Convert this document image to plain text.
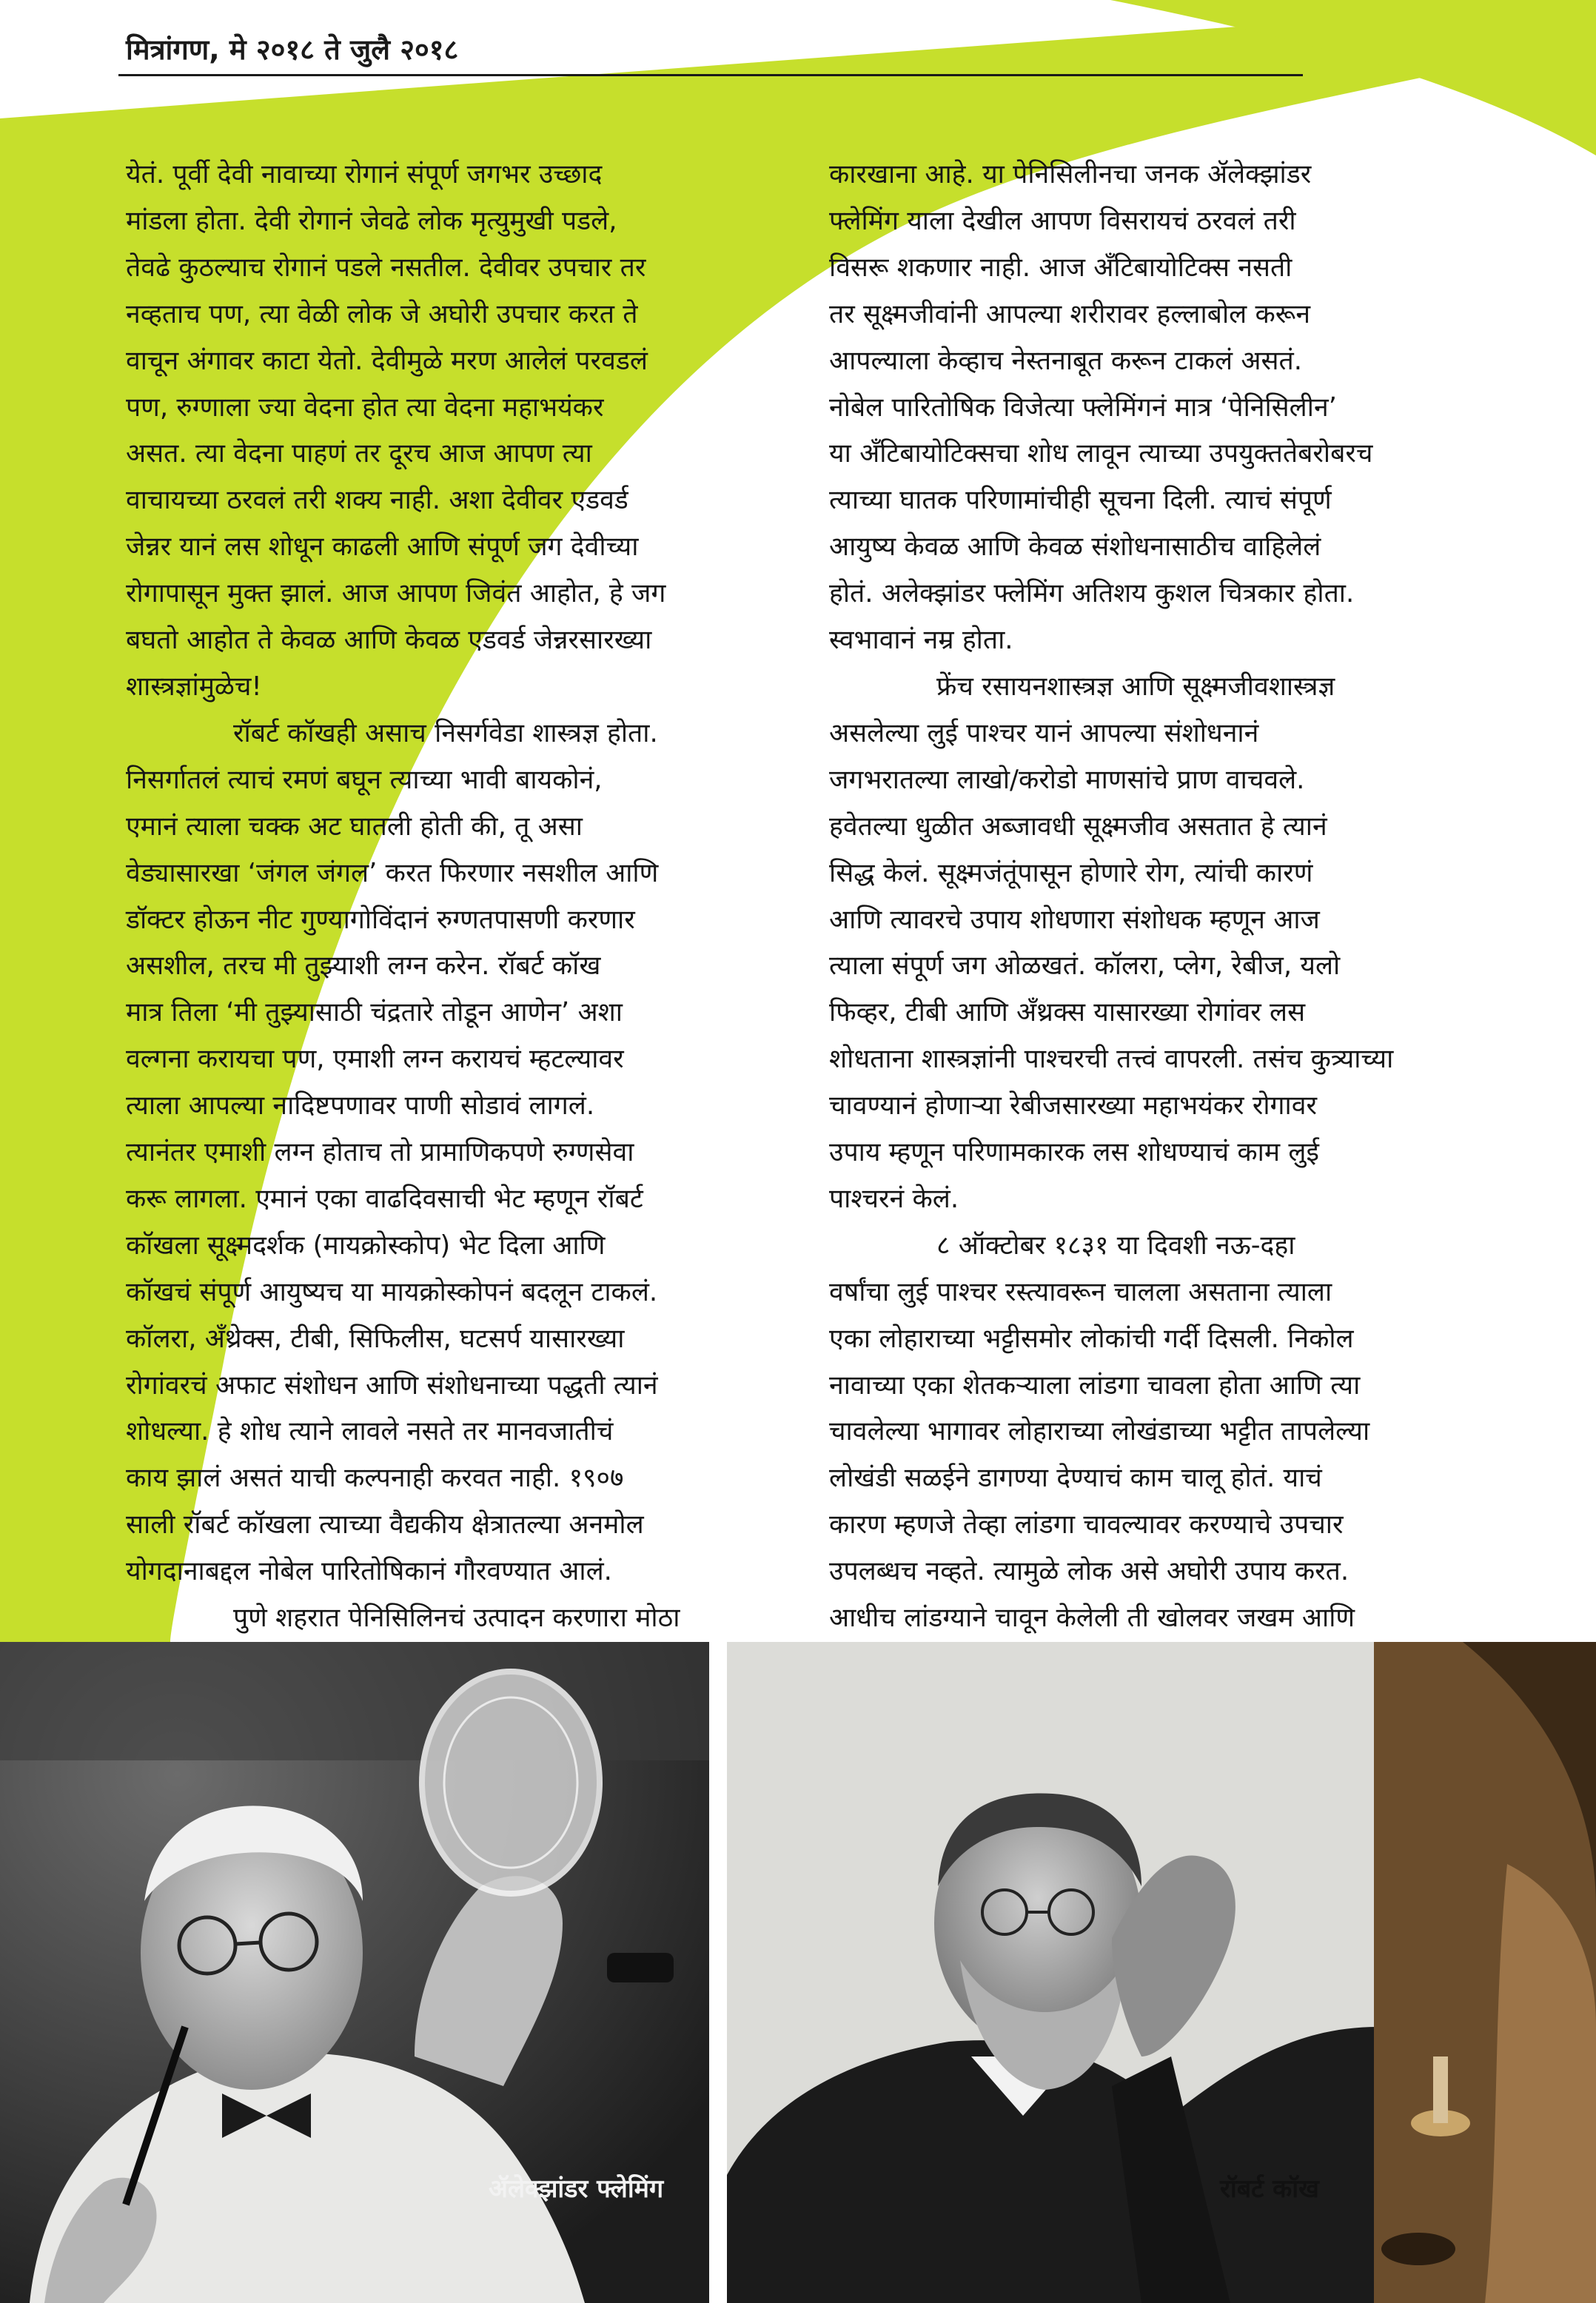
मित्रांगण, मे २०१८ ते जुलै २०१८

येतं. पूर्वी देवी नावाच्या रोगानं संपूर्ण जगभर उच्छाद

मांडला होता. देवी रोगानं जेवढे लोक मृत्युमुखी पडले,

तेवढे कुठल्याच रोगानं पडले नसतील. देवीवर उपचार तर

नव्हताच पण, त्या वेळी लोक जे अघोरी उपचार करत ते

वाचून अंगावर काटा येतो. देवीमुळे मरण आलेलं परवडलं

पण, रुग्णाला ज्या वेदना होत त्या वेदना महाभयंकर

असत. त्या वेदना पाहणं तर दूरच आज आपण त्या

वाचायच्या ठरवलं तरी शक्य नाही. अशा देवीवर एडवर्ड

जेन्नर यानं लस शोधून काढली आणि संपूर्ण जग देवीच्या

रोगापासून मुक्त झालं. आज आपण जिवंत आहोत, हे जग

बघतो आहोत ते केवळ आणि केवळ एडवर्ड जेन्नरसारख्या

शास्त्रज्ञांमुळेच!

रॉबर्ट कॉखही असाच निसर्गवेडा शास्त्रज्ञ होता.

निसर्गातलं त्याचं रमणं बघून त्याच्या भावी बायकोनं,

एमानं त्याला चक्क अट घातली होती की, तू असा

वेड्यासारखा ‘जंगल जंगल’ करत फिरणार नसशील आणि

डॉक्टर होऊन नीट गुण्यागोविंदानं रुग्णतपासणी करणार

असशील, तरच मी तुझ्याशी लग्न करेन. रॉबर्ट कॉख

मात्र तिला ‘मी तुझ्यासाठी चंद्रतारे तोडून आणेन’ अशा

वल्गना करायचा पण, एमाशी लग्न करायचं म्हटल्यावर

त्याला आपल्या नादिष्टपणावर पाणी सोडावं लागलं.

त्यानंतर एमाशी लग्न होताच तो प्रामाणिकपणे रुग्णसेवा

करू लागला. एमानं एका वाढदिवसाची भेट म्हणून रॉबर्ट

कॉखला सूक्ष्मदर्शक (मायक्रोस्कोप) भेट दिला आणि

कॉखचं संपूर्ण आयुष्यच या मायक्रोस्कोपनं बदलून टाकलं.

कॉलरा, अँथ्रेक्स, टीबी, सिफिलीस, घटसर्प यासारख्या

रोगांवरचं अफाट संशोधन आणि संशोधनाच्या पद्धती त्यानं

शोधल्या. हे शोध त्याने लावले नसते तर मानवजातीचं

काय झालं असतं याची कल्पनाही करवत नाही. १९०७

साली रॉबर्ट कॉखला त्याच्या वैद्यकीय क्षेत्रातल्या अनमोल

योगदानाबद्दल नोबेल पारितोषिकानं गौरवण्यात आलं.

पुणे शहरात पेनिसिलिनचं उत्पादन करणारा मोठा

कारखाना आहे. या पेनिसिलीनचा जनक ॲलेक्झांडर

फ्लेमिंग याला देखील आपण विसरायचं ठरवलं तरी

विसरू शकणार नाही. आज ॲंटिबायोटिक्स नसती

तर सूक्ष्मजीवांनी आपल्या शरीरावर हल्लाबोल करून

आपल्याला केव्हाच नेस्तनाबूत करून टाकलं असतं.

नोबेल पारितोषिक विजेत्या फ्लेमिंगनं मात्र ‘पेनिसिलीन’

या ॲंटिबायोटिक्सचा शोध लावून त्याच्या उपयुक्ततेबरोबरच

त्याच्या घातक परिणामांचीही सूचना दिली. त्याचं संपूर्ण

आयुष्य केवळ आणि केवळ संशोधनासाठीच वाहिलेलं

होतं. अलेक्झांडर फ्लेमिंग अतिशय कुशल चित्रकार होता.

स्वभावानं नम्र होता.

फ्रेंच रसायनशास्त्रज्ञ आणि सूक्ष्मजीवशास्त्रज्ञ

असलेल्या लुई पाश्चर यानं आपल्या संशोधनानं

जगभरातल्या लाखो/करोडो माणसांचे प्राण वाचवले.

हवेतल्या धुळीत अब्जावधी सूक्ष्मजीव असतात हे त्यानं

सिद्ध केलं. सूक्ष्मजंतूंपासून होणारे रोग, त्यांची कारणं

आणि त्यावरचे उपाय शोधणारा संशोधक म्हणून आज

त्याला संपूर्ण जग ओळखतं. कॉलरा, प्लेग, रेबीज, यलो

फिव्हर, टीबी आणि अँथ्रक्स यासारख्या रोगांवर लस

शोधताना शास्त्रज्ञांनी पाश्चरची तत्त्वं वापरली. तसंच कुत्र्याच्या

चावण्यानं होणाऱ्या रेबीजसारख्या महाभयंकर रोगावर

उपाय म्हणून परिणामकारक लस शोधण्याचं काम लुई

पाश्चरनं केलं.

८ ऑक्टोबर १८३१ या दिवशी नऊ-दहा

वर्षांचा लुई पाश्चर रस्त्यावरून चालला असताना त्याला

एका लोहाराच्या भट्टीसमोर लोकांची गर्दी दिसली. निकोल

नावाच्या एका शेतकऱ्याला लांडगा चावला होता आणि त्या

चावलेल्या भागावर लोहाराच्या लोखंडाच्या भट्टीत तापलेल्या

लोखंडी सळईने डागण्या देण्याचं काम चालू होतं. याचं

कारण म्हणजे तेव्हा लांडगा चावल्यावर करण्याचे उपचार

उपलब्धच नव्हते. त्यामुळे लोक असे अघोरी उपाय करत.

आधीच लांडग्याने चावून केलेली ती खोलवर जखम आणि

ॲलेक्झांडर फ्लेमिंग	रॉबर्ट कॉख
